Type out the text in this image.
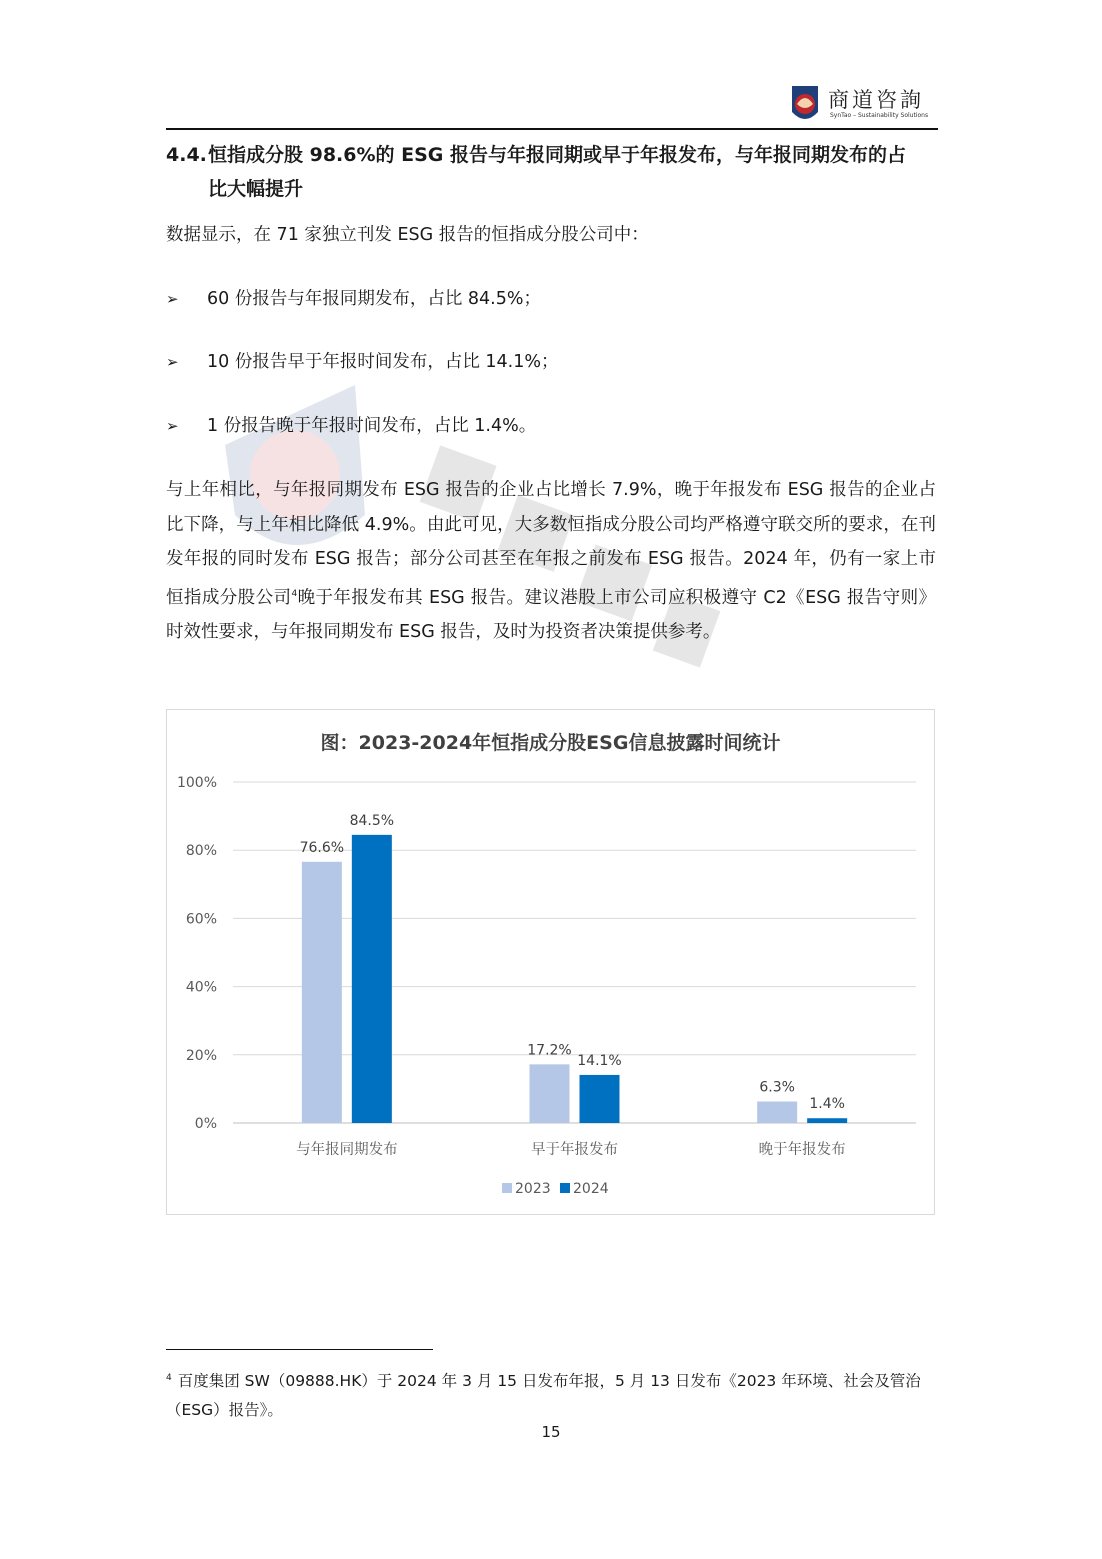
商道咨詢
SynTao – Sustainability Solutions
4.4.恒指成分股 98.6%的 ESG 报告与年报同期或早于年报发布，与年报同期发布的占
比大幅提升
数据显示，在 71 家独立刊发 ESG 报告的恒指成分股公司中：
➢ 60 份报告与年报同期发布，占比 84.5%；
➢ 10 份报告早于年报时间发布，占比 14.1%；
➢ 1 份报告晚于年报时间发布，占比 1.4%。
与上年相比，与年报同期发布 ESG 报告的企业占比增长 7.9%，晚于年报发布 ESG 报告的企业占比下降，与上年相比降低 4.9%。由此可见，大多数恒指成分股公司均严格遵守联交所的要求，在刊发年报的同时发布 ESG 报告；部分公司甚至在年报之前发布 ESG 报告。2024 年，仍有一家上市恒指成分股公司$^4$晚于年报发布其 ESG 报告。建议港股上市公司应积极遵守 C2《ESG 报告守则》时效性要求，与年报同期发布 ESG 报告，及时为投资者决策提供参考。
图：2023-2024年恒指成分股ESG信息披露时间统计
0%
20%
40%
60%
80%
100%
76.6%
84.5%
与年报同期发布
17.2%
14.1%
早于年报发布
6.3%
1.4%
晚于年报发布
2023 2024
$^4$ 百度集团 SW（09888.HK）于 2024 年 3 月 15 日发布年报，5 月 13 日发布《2023 年环境、社会及管治（ESG）报告》。
15
